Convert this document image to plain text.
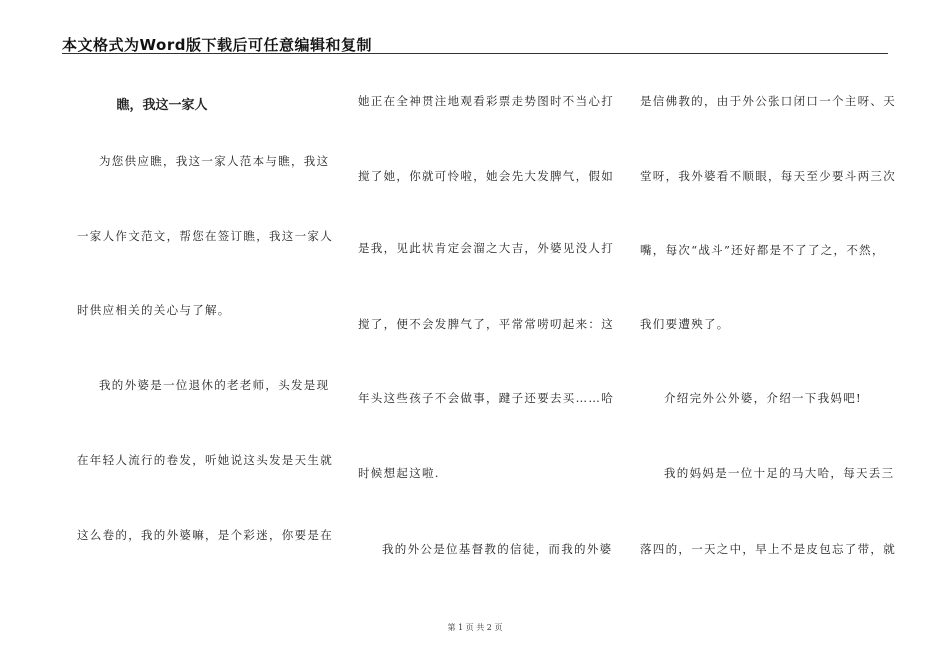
本文格式为Word版下载后可任意编辑和复制
瞧，我这一家人
为您供应瞧，我这一家人范本与瞧，我这
一家人作文范文，帮您在签订瞧，我这一家人
时供应相关的关心与了解。
我的外婆是一位退休的老老师，头发是现
在年轻人流行的卷发，听她说这头发是天生就
这么卷的，我的外婆嘛，是个彩迷，你要是在
她正在全神贯注地观看彩票走势图时不当心打
搅了她，你就可怜啦，她会先大发脾气，假如
是我，见此状肯定会溜之大吉，外婆见没人打
搅了，便不会发脾气了，平常常唠叨起来：这
年头这些孩子不会做事，踺子还要去买……哈
时候想起这啦.
我的外公是位基督教的信徒，而我的外婆
是信佛教的，由于外公张口闭口一个主呀、天
堂呀，我外婆看不顺眼，每天至少要斗两三次
嘴，每次“战斗”还好都是不了了之，不然，
我们要遭殃了。
介绍完外公外婆，介绍一下我妈吧!
我的妈妈是一位十足的马大哈，每天丢三
落四的，一天之中，早上不是皮包忘了带，就
第 1 页 共 2 页
